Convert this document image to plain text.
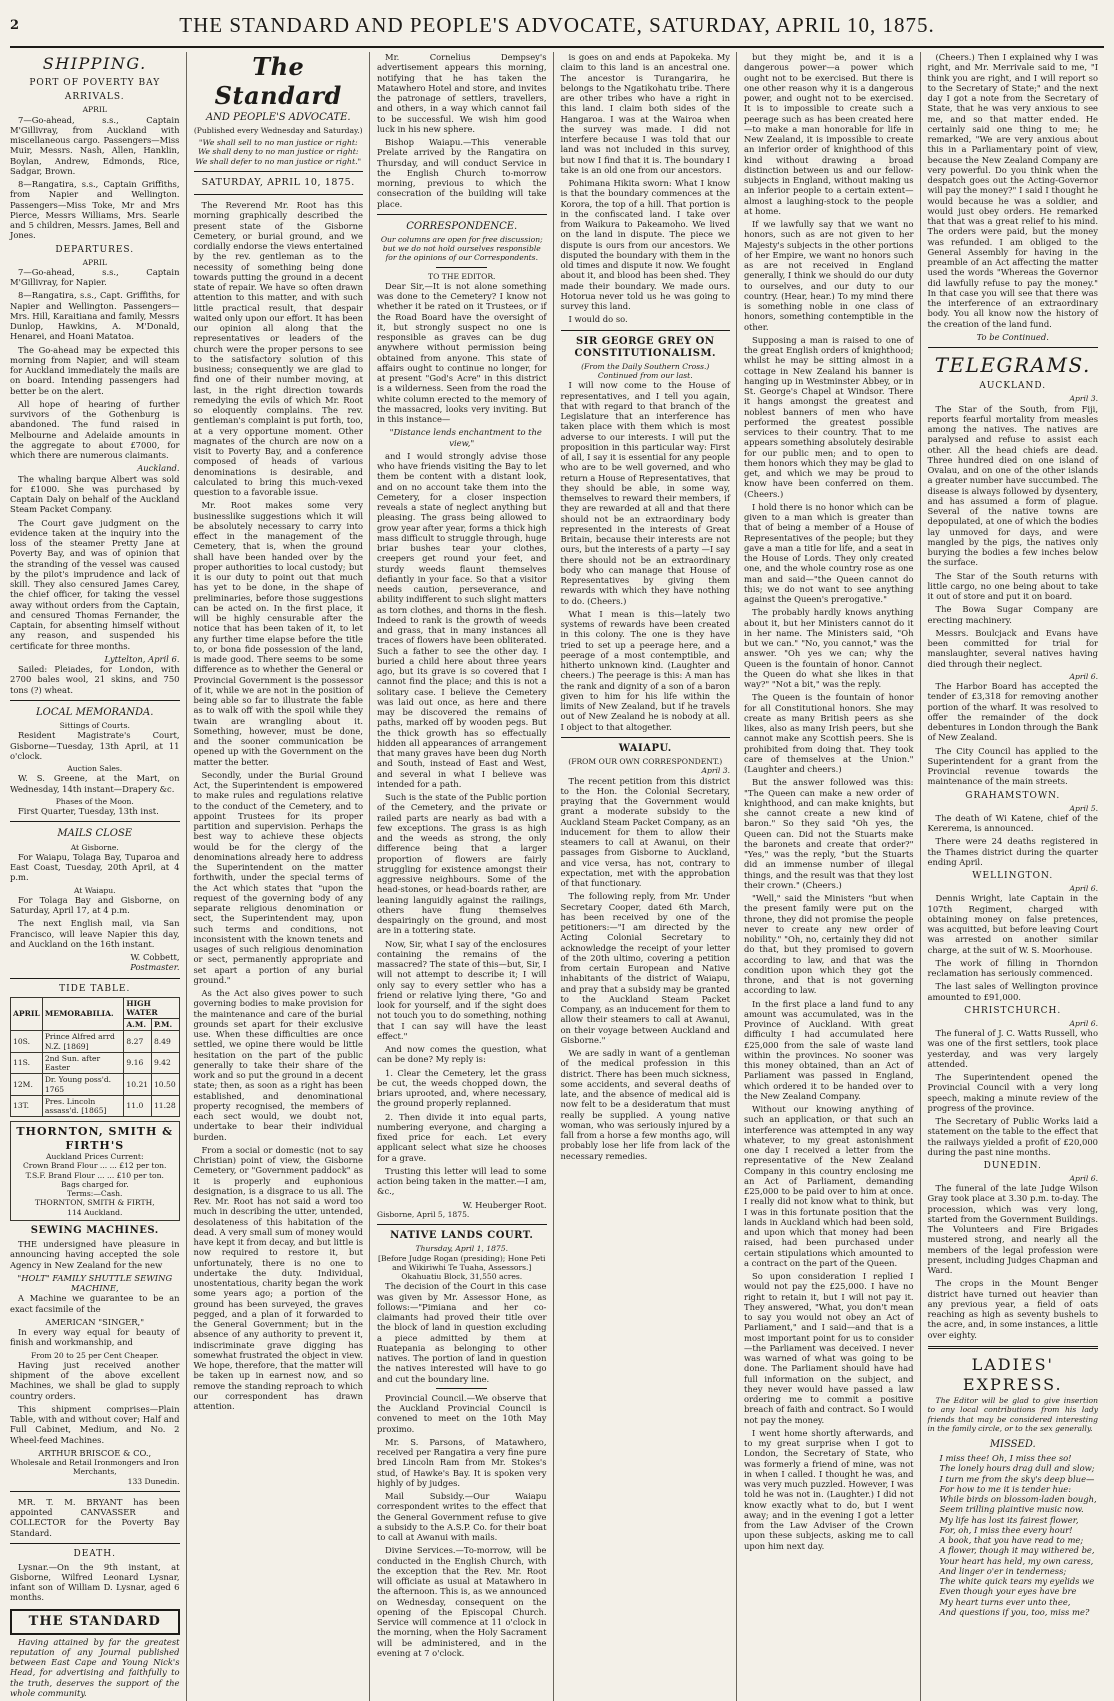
2	THE STANDARD AND PEOPLE'S ADVOCATE, SATURDAY, APRIL 10, 1875.
SHIPPING.
PORT OF POVERTY BAY
ARRIVALS.
APRIL

7—Go-ahead, s.s., Captain M'Gillivray, from Auckland with miscellaneous cargo. Passengers—Miss Muir, Messrs. Nash, Allen, Hanklin, Boylan, Andrew, Edmonds, Rice, Sadgar, Brown.

8—Rangatira, s.s., Captain Griffiths, from Napier and Wellington. Passengers—Miss Toke, Mr and Mrs Pierce, Messrs Williams, Mrs. Searle and 5 children, Messrs. James, Bell and Jones.

DEPARTURES.
APRIL

7—Go-ahead, s.s., Captain M'Gillivray, for Napier.

8—Rangatira, s.s., Capt. Griffiths, for Napier and Wellington. Passengers—Mrs. Hill, Karaitiana and family, Messrs Dunlop, Hawkins, A. M'Donald, Henarei, and Hoani Matatoa.

The Go-ahead may be expected this morning from Napier, and will steam for Auckland immediately the mails are on board. Intending passengers had better be on the alert.

All hope of hearing of further survivors of the Gothenburg is abandoned. The fund raised in Melbourne and Adelaide amounts in the aggregate to about £7000, for which there are numerous claimants.

Auckland.

The whaling barque Albert was sold for £1000. She was purchased by Captain Daly on behalf of the Auckland Steam Packet Company.

The Court gave judgment on the evidence taken at the inquiry into the loss of the steamer Pretty Jane at Poverty Bay, and was of opinion that the stranding of the vessel was caused by the pilot's imprudence and lack of skill. They also censured James Carey, the chief officer, for taking the vessel away without orders from the Captain, and censured Thomas Fernander, the Captain, for absenting himself without any reason, and suspended his certificate for three months.

Lyttelton, April 6.

Sailed: Pleiades, for London, with 2700 bales wool, 21 skins, and 750 tons (?) wheat.

LOCAL MEMORANDA.
Sittings of Courts.

Resident Magistrate's Court, Gisborne—Tuesday, 13th April, at 11 o'clock.

Auction Sales.

W. S. Greene, at the Mart, on Wednesday, 14th instant—Drapery &c.

Phases of the Moon.

First Quarter, Tuesday, 13th inst.

MAILS CLOSE
At Gisborne.

For Waiapu, Tolaga Bay, Tuparoa and East Coast, Tuesday, 20th April, at 4 p.m.

At Waiapu.

For Tolaga Bay and Gisborne, on Saturday, April 17, at 4 p.m.

The next English mail, via San Francisco, will leave Napier this day, and Auckland on the 16th instant.

W. Cobbett,
Postmaster.
TIDE TABLE.
APRIL	MEMORABILIA.	HIGH WATER	
		A.M.	P.M.
10S.	Prince Alfred arrd N.Z. [1869]	8.27	8.49
11S.	2nd Sun. after Easter	9.16	9.42
12M.	Dr. Young poss'd. 1765	10.21	10.50
13T.	Pres. Lincoln assass'd. [1865]	11.0	11.28
THORNTON, SMITH & FIRTH'S
Auckland Prices Current:
Crown Brand Flour ... ... £12 per ton.
T.S.F. Brand Flour ... ... £10 per ton.
Bags charged for.
Terms:—Cash.
THORNTON, SMITH & FIRTH,
114 Auckland.
SEWING MACHINES.

THE undersigned have pleasure in announcing having accepted the sole Agency in New Zealand for the new

"HOLT" FAMILY SHUTTLE SEWING MACHINE,

A Machine we guarantee to be an exact facsimile of the

AMERICAN "SINGER,"

In every way equal for beauty of finish and workmanship, and

From 20 to 25 per Cent Cheaper.

Having just received another shipment of the above excellent Machines, we shall be glad to supply country orders.

This shipment comprises—Plain Table, with and without cover; Half and Full Cabinet, Medium, and No. 2 Wheel-feed Machines.

ARTHUR BRISCOE & CO.,
Wholesale and Retail Ironmongers and Iron Merchants,
133 Dunedin.

MR. T. M. BRYANT has been appointed CANVASSER and COLLECTOR for the Poverty Bay Standard.

DEATH.

Lysnar.—On the 9th instant, at Gisborne, Wilfred Leonard Lysnar, infant son of William D. Lysnar, aged 6 months.

THE STANDARD

Having attained by far the greatest reputation of any Journal published between East Cape and Young Nick's Head, for advertising and faithfully to the truth, deserves the support of the whole community.

The Standard
AND PEOPLE'S ADVOCATE.
(Published every Wednesday and Saturday.)
"We shall sell to no man justice or right:
We shall deny to no man justice or right:
We shall defer to no man justice or right."
SATURDAY, APRIL 10, 1875.

The Reverend Mr. Root has this morning graphically described the present state of the Gisborne Cemetery, or burial ground, and we cordially endorse the views entertained by the rev. gentleman as to the necessity of something being done towards putting the ground in a decent state of repair. We have so often drawn attention to this matter, and with such little practical result, that despair waited only upon our effort. It has been our opinion all along that the representatives or leaders of the church were the proper persons to see to the satisfactory solution of this business; consequently we are glad to find one of their number moving, at last, in the right direction towards remedying the evils of which Mr. Root so eloquently complains. The rev. gentleman's complaint is put forth, too, at a very opportune moment. Other magnates of the church are now on a visit to Poverty Bay, and a conference composed of heads of various denominations is desirable, and calculated to bring this much-vexed question to a favorable issue.

Mr. Root makes some very businesslike suggestions which it will be absolutely necessary to carry into effect in the management of the Cemetery, that is, when the ground shall have been handed over by the proper authorities to local custody; but it is our duty to point out that much has yet to be done, in the shape of preliminaries, before those suggestions can be acted on. In the first place, it will be highly censurable after the notice that has been taken of it, to let any further time elapse before the title to, or bona fide possession of the land, is made good. There seems to be some difference as to whether the General or Provincial Government is the possessor of it, while we are not in the position of being able so far to illustrate the fable as to walk off with the spoil while they twain are wrangling about it. Something, however, must be done, and the sooner communication be opened up with the Government on the matter the better.

Secondly, under the Burial Ground Act, the Superintendent is empowered to make rules and regulations relative to the conduct of the Cemetery, and to appoint Trustees for its proper partition and supervision. Perhaps the best way to achieve these objects would be for the clergy of the denominations already here to address the Superintendent on the matter forthwith, under the special terms of the Act which states that "upon the request of the governing body of any separate religious denomination or sect, the Superintendent may, upon such terms and conditions, not inconsistent with the known tenets and usages of such religious denomination or sect, permanently appropriate and set apart a portion of any burial ground."

As the Act also gives power to such governing bodies to make provision for the maintenance and care of the burial grounds set apart for their exclusive use. When these difficulties are once settled, we opine there would be little hesitation on the part of the public generally to take their share of the work and so put the ground in a decent state; then, as soon as a right has been established, and denominational property recognised, the members of each sect would, we doubt not, undertake to bear their individual burden.

From a social or domestic (not to say Christian) point of view, the Gisborne Cemetery, or "Government paddock" as it is properly and euphonious designation, is a disgrace to us all. The Rev. Mr. Root has not said a word too much in describing the utter, untended, desolateness of this habitation of the dead. A very small sum of money would have kept it from decay, and but little is now required to restore it, but unfortunately, there is no one to undertake the duty. Individual, unostentatious, charity began the work some years ago; a portion of the ground has been surveyed, the graves pegged, and a plan of it forwarded to the General Government; but in the absence of any authority to prevent it, indiscriminate grave digging has somewhat frustrated the object in view. We hope, therefore, that the matter will be taken up in earnest now, and so remove the standing reproach to which our correspondent has drawn attention.

Mr. Cornelius Dempsey's advertisement appears this morning, notifying that he has taken the Matawhero Hotel and store, and invites the patronage of settlers, travellers, and others, in a way which cannot fail to be successful. We wish him good luck in his new sphere.

Bishop Waiapu.—This venerable Prelate arrived by the Rangatira on Thursday, and will conduct Service in the English Church to-morrow morning, previous to which the consecration of the building will take place.

CORRESPONDENCE.

Our columns are open for free discussion; but we do not hold ourselves responsible for the opinions of our Correspondents.

TO THE EDITOR.

Dear Sir,—It is not alone something was done to the Cemetery? I know not whether it be rated on it Trustees, or if the Road Board have the oversight of it, but strongly suspect no one is responsible as graves can be dug anywhere without permission being obtained from anyone. This state of affairs ought to continue no longer, for at present "God's Acre" in this district is a wilderness. Seen from the road the white column erected to the memory of the massacred, looks very inviting. But in this instance—

"Distance lends enchantment to the view,"

and I would strongly advise those who have friends visiting the Bay to let them be content with a distant look, and on no account take them into the Cemetery, for a closer inspection reveals a state of neglect anything but pleasing. The grass being allowed to grow year after year, forms a thick high mass difficult to struggle through, huge briar bushes tear your clothes, creepers get round your feet, and sturdy weeds flaunt themselves defiantly in your face. So that a visitor needs caution, perseverance, and ability indifferent to such slight matters as torn clothes, and thorns in the flesh. Indeed to rank is the growth of weeds and grass, that in many instances all traces of flowers have been obliterated. Such a father to see the other day. I buried a child here about three years ago, but its grave is so covered that I cannot find the place; and this is not a solitary case. I believe the Cemetery was laid out once, as here and there may be discovered the remains of paths, marked off by wooden pegs. But the thick growth has so effectually hidden all appearances of arrangement that many graves have been dug North and South, instead of East and West, and several in what I believe was intended for a path.

Such is the state of the Public portion of the Cemetery, and the private or railed parts are nearly as bad with a few exceptions. The grass is as high and the weeds as strong, the only difference being that a larger proportion of flowers are fairly struggling for existence amongst their aggressive neighbours. Some of the head-stones, or head-boards rather, are leaning languidly against the railings, others have flung themselves despairingly on the ground, and most are in a tottering state.

Now, Sir, what I say of the enclosures containing the remains of the massacred? The state of this—but, Sir, I will not attempt to describe it; I will only say to every settler who has a friend or relative lying there, "Go and look for yourself, and if the sight does not touch you to do something, nothing that I can say will have the least effect."

And now comes the question, what can be done? My reply is:

1. Clear the Cemetery, let the grass be cut, the weeds chopped down, the briars uprooted, and, where necessary, the ground properly replanned.

2. Then divide it into equal parts, numbering everyone, and charging a fixed price for each. Let every applicant select what size he chooses for a grave.

Trusting this letter will lead to some action being taken in the matter.—I am, &c.,

W. Heuberger Root.
Gisborne, April 5, 1875.
NATIVE LANDS COURT.
Thursday, April 1, 1875.
[Before Judge Rogan (presiding); Hone Peti and Wikiriwhi Te Tuaha, Assessors.]
Okahuatiu Block, 31,550 acres.

The decision of the Court in this case was given by Mr. Assessor Hone, as follows:—"Pimiana and her co-claimants had proved their title over the block of land in question excluding a piece admitted by them at Ruatepania as belonging to other natives. The portion of land in question the natives interested will have to go and cut the boundary line.

Provincial Council.—We observe that the Auckland Provincial Council is convened to meet on the 10th May proximo.

Mr. S. Parsons, of Matawhero, received per Rangatira a very fine pure bred Lincoln Ram from Mr. Stokes's stud, of Hawke's Bay. It is spoken very highly of by judges.

Mail Subsidy.—Our Waiapu correspondent writes to the effect that the General Government refuse to give a subsidy to the A.S.P. Co. for their boat to call at Awanui with mails.

Divine Services.—To-morrow, will be conducted in the English Church, with the exception that the Rev. Mr. Root will officiate as usual at Matawhero in the afternoon. This is, as we announced on Wednesday, consequent on the opening of the Episcopal Church. Service will commence at 11 o'clock in the morning, when the Holy Sacrament will be administered, and in the evening at 7 o'clock.

is goes on and ends at Papokeka. My claim to this land is an ancestral one. The ancestor is Turangarira, he belongs to the Ngatikohatu tribe. There are other tribes who have a right in this land. I claim both sides of the Hangaroa. I was at the Wairoa when the survey was made. I did not interfere because I was told that our land was not included in this survey, but now I find that it is. The boundary I take is an old one from our ancestors.

Pohimana Hikita sworn: What I know is that the boundary commences at the Korora, the top of a hill. That portion is in the confiscated land. I take over from Waikura to Pakeamoho. We lived on the land in dispute. The piece we dispute is ours from our ancestors. We disputed the boundary with them in the old times and dispute it now. We fought about it, and blood has been shed. They made their boundary. We made ours. Hotorua never told us he was going to survey this land.

I would do so.

SIR GEORGE GREY ON CONSTITUTIONALISM.
(From the Daily Southern Cross.)
Continued from our last.

I will now come to the House of representatives, and I tell you again, that with regard to that branch of the Legislature that an interference has taken place with them which is most adverse to our interests. I will put the proposition in this particular way: First of all, I say it is essential for any people who are to be well governed, and who return a House of Representatives, that they should be able, in some way, themselves to reward their members, if they are rewarded at all and that there should not be an extraordinary body represented in the interests of Great Britain, because their interests are not ours, but the interests of a party —I say there should not be an extraordinary body who can manage that House of Representatives by giving them rewards with which they have nothing to do. (Cheers.)

What I mean is this—lately two systems of rewards have been created in this colony. The one is they have tried to set up a peerage here, and a peerage of a most contemptible, and hitherto unknown kind. (Laughter and cheers.) The peerage is this: A man has the rank and dignity of a son of a baron given to him for his life within the limits of New Zealand, but if he travels out of New Zealand he is nobody at all. I object to that altogether.

WAIAPU.
(FROM OUR OWN CORRESPONDENT.)
April 3.

The recent petition from this district to the Hon. the Colonial Secretary, praying that the Government would grant a moderate subsidy to the Auckland Steam Packet Company, as an inducement for them to allow their steamers to call at Awanui, on their passages from Gisborne to Auckland, and vice versa, has not, contrary to expectation, met with the approbation of that functionary.

The following reply, from Mr. Under Secretary Cooper, dated 6th March, has been received by one of the petitioners:—"I am directed by the Acting Colonial Secretary to acknowledge the receipt of your letter of the 20th ultimo, covering a petition from certain European and Native inhabitants of the district of Waiapu, and pray that a subsidy may be granted to the Auckland Steam Packet Company, as an inducement for them to allow their steamers to call at Awanui, on their voyage between Auckland and Gisborne."

We are sadly in want of a gentleman of the medical profession in this district. There has been much sickness, some accidents, and several deaths of late, and the absence of medical aid is now felt to be a desideratum that must really be supplied. A young native woman, who was seriously injured by a fall from a horse a few months ago, will probably lose her life from lack of the necessary remedies.

but they might be, and it is a dangerous power—a power which ought not to be exercised. But there is one other reason why it is a dangerous power, and ought not to be exercised. It is to impossible to create such a peerage such as has been created here—to make a man honorable for life in New Zealand, it is impossible to create an inferior order of knighthood of this kind without drawing a broad distinction between us and our fellow-subjects in England, without making us an inferior people to a certain extent—almost a laughing-stock to the people at home.

If we lawfully say that we want no honors, such as are not given to her Majesty's subjects in the other portions of her Empire, we want no honors such as are not received in England generally, I think we should do our duty to ourselves, and our duty to our country. (Hear, hear.) To my mind there is something noble in one class of honors, something contemptible in the other.

Supposing a man is raised to one of the great English orders of knighthood; whilst he may be sitting almost in a cottage in New Zealand his banner is hanging up in Westminster Abbey, or in St. George's Chapel at Windsor. There it hangs amongst the greatest and noblest banners of men who have performed the greatest possible services to their country. That to me appears something absolutely desirable for our public men; and to open to them honors which they may be glad to get, and which we may be proud to know have been conferred on them. (Cheers.)

I hold there is no honor which can be given to a man which is greater than that of being a member of a House of Representatives of the people; but they gave a man a title for life, and a seat in the House of Lords. They only created one, and the whole country rose as one man and said—"the Queen cannot do this; we do not want to see anything against the Queen's prerogative."

The probably hardly knows anything about it, but her Ministers cannot do it in her name. The Ministers said, "Oh but we can." "No, you cannot," was the answer. "Oh yes we can; why the Queen is the fountain of honor. Cannot the Queen do what she likes in that way?" "Not a bit," was the reply.

The Queen is the fountain of honor for all Constitutional honors. She may create as many British peers as she likes, also as many Irish peers, but she cannot make any Scottish peers. She is prohibited from doing that. They took care of themselves at the Union." (Laughter and cheers.)

But the answer followed was this: "The Queen can make a new order of knighthood, and can make knights, but she cannot create a new kind of baron." So they said "Oh yes, the Queen can. Did not the Stuarts make the baronets and create that order?" "Yes," was the reply, "but the Stuarts did an immense number of illegal things, and the result was that they lost their crown." (Cheers.)

"Well," said the Ministers "but when the present family were put on the throne, they did not promise the people never to create any new order of nobility." "Oh, no, certainly they did not do that, but they promised to govern according to law, and that was the condition upon which they got the throne, and that is not governing according to law.

In the first place a land fund to any amount was accumulated, was in the Province of Auckland. With great difficulty I had accumulated here £25,000 from the sale of waste land within the provinces. No sooner was this money obtained, than an Act of Parliament was passed in England, which ordered it to be handed over to the New Zealand Company.

Without our knowing anything of such an application, or that such an interference was attempted in any way whatever, to my great astonishment one day I received a letter from the representative of the New Zealand Company in this country enclosing me an Act of Parliament, demanding £25,000 to be paid over to him at once. I really did not know what to think, but I was in this fortunate position that the lands in Auckland which had been sold, and upon which that money had been raised, had been purchased under certain stipulations which amounted to a contract on the part of the Queen.

So upon consideration I replied I would not pay the £25,000. I have no right to retain it, but I will not pay it. They answered, "What, you don't mean to say you would not obey an Act of Parliament," and I said—and that is a most important point for us to consider—the Parliament was deceived. I never was warned of what was going to be done. The Parliament should have had full information on the subject, and they never would have passed a law ordering me to commit a positive breach of faith and contract. So I would not pay the money.

I went home shortly afterwards, and to my great surprise when I got to London, the Secretary of State, who was formerly a friend of mine, was not in when I called. I thought he was, and was very much puzzled. However, I was told he was not in. (Laughter.) I did not know exactly what to do, but I went away; and in the evening I got a letter from the Law Adviser of the Crown upon these subjects, asking me to call upon him next day.

(Cheers.) Then I explained why I was right, and Mr. Merrivale said to me, "I think you are right, and I will report so to the Secretary of State;" and the next day I got a note from the Secretary of State, that he was very anxious to see me, and so that matter ended. He certainly said one thing to me; he remarked, "We are very anxious about this in a Parliamentary point of view, because the New Zealand Company are very powerful. Do you think when the despatch goes out the Acting-Governor will pay the money?" I said I thought he would because he was a soldier, and would just obey orders. He remarked that that was a great relief to his mind. The orders were paid, but the money was refunded. I am obliged to the General Assembly for having in the preamble of an Act affecting the matter used the words "Whereas the Governor did lawfully refuse to pay the money." In that case you will see that there was the interference of an extraordinary body. You all know now the history of the creation of the land fund.

To be Continued.
TELEGRAMS.
AUCKLAND.
April 3.

The Star of the South, from Fiji, reports fearful mortality from measles among the natives. The natives are paralysed and refuse to assist each other. All the head chiefs are dead. Three hundred died on one island of Ovalau, and on one of the other islands a greater number have succumbed. The disease is always followed by dysentery, and has assumed a form of plague. Several of the native towns are depopulated, at one of which the bodies lay unmoved for days, and were mangled by the pigs, the natives only burying the bodies a few inches below the surface.

The Star of the South returns with little cargo, no one being about to take it out of store and put it on board.

The Bowa Sugar Company are erecting machinery.

Messrs. Boulcjack and Evans have been committed for trial for manslaughter, several natives having died through their neglect.

April 6.

The Harbor Board has accepted the tender of £3,318 for removing another portion of the wharf. It was resolved to offer the remainder of the dock debentures in London through the Bank of New Zealand.

The City Council has applied to the Superintendent for a grant from the Provincial revenue towards the maintenance of the main streets.

GRAHAMSTOWN.
April 5.

The death of Wi Katene, chief of the Kererema, is announced.

There were 24 deaths registered in the Thames district during the quarter ending April.

WELLINGTON.
April 6.

Dennis Wright, late Captain in the 107th Regiment, charged with obtaining money on false pretences, was acquitted, but before leaving Court was arrested on another similar charge, at the suit of W. S. Moorhouse.

The work of filling in Thorndon reclamation has seriously commenced.

The last sales of Wellington province amounted to £91,000.

CHRISTCHURCH.
April 6.

The funeral of J. C. Watts Russell, who was one of the first settlers, took place yesterday, and was very largely attended.

The Superintendent opened the Provincial Council with a very long speech, making a minute review of the progress of the province.

The Secretary of Public Works laid a statement on the table to the effect that the railways yielded a profit of £20,000 during the past nine months.

DUNEDIN.
April 6.

The funeral of the late Judge Wilson Gray took place at 3.30 p.m. to-day. The procession, which was very long, started from the Government Buildings. The Volunteers and Fire Brigades mustered strong, and nearly all the members of the legal profession were present, including Judges Chapman and Ward.

The crops in the Mount Benger district have turned out heavier than any previous year, a field of oats reaching as high as seventy bushels to the acre, and, in some instances, a little over eighty.

LADIES' EXPRESS.

The Editor will be glad to give insertion to any local contributions from his lady friends that may be considered interesting in the family circle, or to the sex generally.

MISSED.
I miss thee! Oh, I miss thee so!
The lonely hours drag dull and slow;
I turn me from the sky's deep blue—
For how to me it is tender hue:
While birds on blossom-laden bough,
Seem trilling plaintive music now.
My life has lost its fairest flower,
For, oh, I miss thee every hour!
A book, that you have read to me;
A flower, though it may withered be,
Your heart has held, my own caress,
And linger o'er in tenderness;
The white quick tears my eyelids we
Even though your eyes have bre
My heart turns ever unto thee,
And questions if you, too, miss me?
